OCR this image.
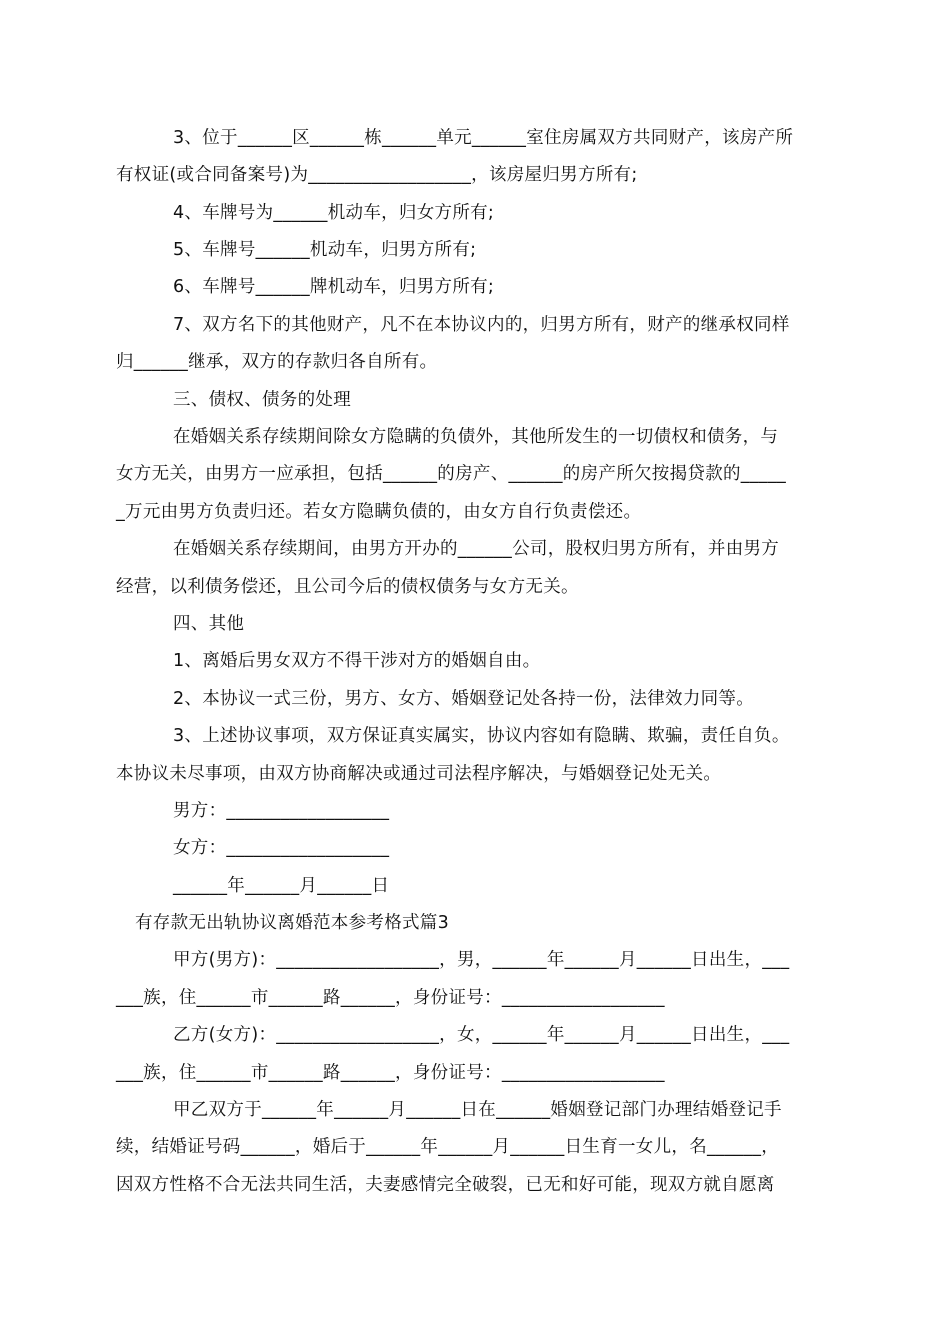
3、位于______区______栋______单元______室住房属双方共同财产，该房产所
有权证(或合同备案号)为__________________，该房屋归男方所有;
4、车牌号为______机动车，归女方所有;
5、车牌号______机动车，归男方所有;
6、车牌号______牌机动车，归男方所有;
7、双方名下的其他财产，凡不在本协议内的，归男方所有，财产的继承权同样
归______继承，双方的存款归各自所有。
三、债权、债务的处理
在婚姻关系存续期间除女方隐瞒的负债外，其他所发生的一切债权和债务，与
女方无关，由男方一应承担，包括______的房产、______的房产所欠按揭贷款的_____
_万元由男方负责归还。若女方隐瞒负债的，由女方自行负责偿还。
在婚姻关系存续期间，由男方开办的______公司，股权归男方所有，并由男方
经营，以利债务偿还，且公司今后的债权债务与女方无关。
四、其他
1、离婚后男女双方不得干涉对方的婚姻自由。
2、本协议一式三份，男方、女方、婚姻登记处各持一份，法律效力同等。
3、上述协议事项，双方保证真实属实，协议内容如有隐瞒、欺骗，责任自负。
本协议未尽事项，由双方协商解决或通过司法程序解决，与婚姻登记处无关。
男方：__________________
女方：__________________
______年______月______日
有存款无出轨协议离婚范本参考格式篇3
甲方(男方)：__________________，男，______年______月______日出生，___
___族，住______市______路______，身份证号：__________________
乙方(女方)：__________________，女，______年______月______日出生，___
___族，住______市______路______，身份证号：__________________
甲乙双方于______年______月______日在______婚姻登记部门办理结婚登记手
续，结婚证号码______，婚后于______年______月______日生育一女儿，名______，
因双方性格不合无法共同生活，夫妻感情完全破裂，已无和好可能，现双方就自愿离
